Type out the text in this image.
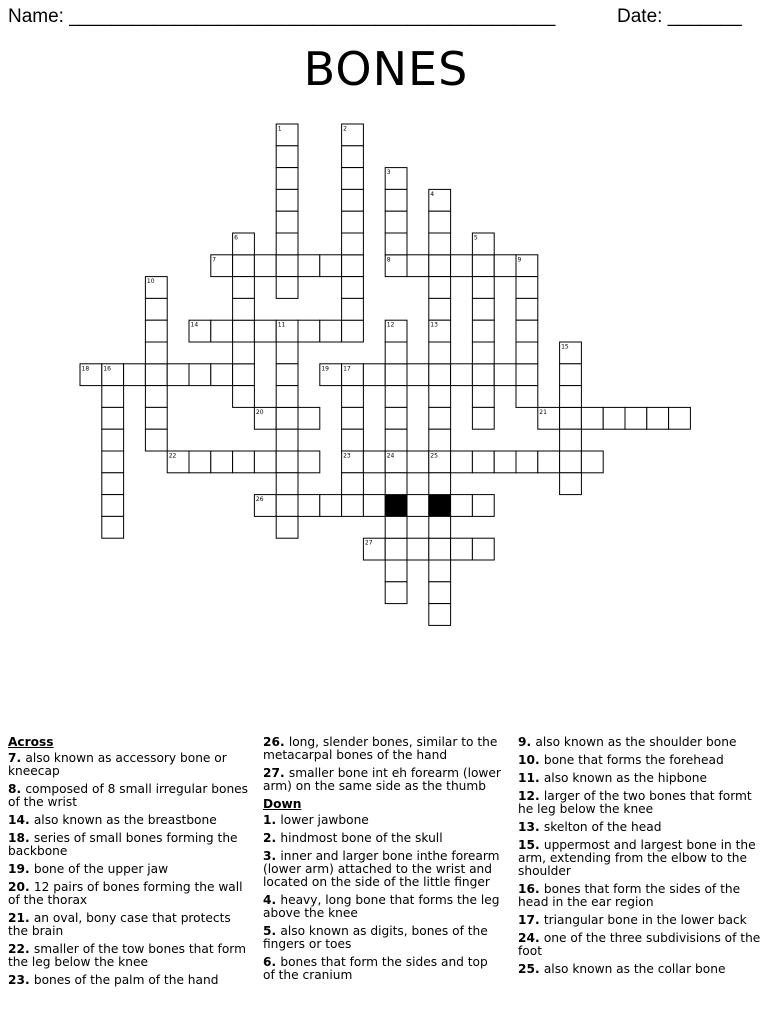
Name: ______________________________________________	Date: _______
BONES
7	8
14	11
18 16	19 17
20	21
22	23	24	25
26
27
1	2
3
4
13
5
6
9
10
12
15
Across
7. also known as accessory bone or kneecap
8. composed of 8 small irregular bones of the wrist
14. also known as the breastbone
18. series of small bones forming the backbone
19. bone of the upper jaw
20. 12 pairs of bones forming the wall of the thorax
21. an oval, bony case that protects the brain
22. smaller of the tow bones that form the leg below the knee
23. bones of the palm of the hand
26. long, slender bones, similar to the metacarpal bones of the hand
27. smaller bone int eh forearm (lower arm) on the same side as the thumb
Down
1. lower jawbone
2. hindmost bone of the skull
3. inner and larger bone inthe forearm (lower arm) attached to the wrist and located on the side of the little finger
4. heavy, long bone that forms the leg above the knee
5. also known as digits, bones of the fingers or toes
6. bones that form the sides and top of the cranium
9. also known as the shoulder bone
10. bone that forms the forehead
11. also known as the hipbone
12. larger of the two bones that formt he leg below the knee
13. skelton of the head
15. uppermost and largest bone in the arm, extending from the elbow to the shoulder
16. bones that form the sides of the head in the ear region
17. triangular bone in the lower back
24. one of the three subdivisions of the foot
25. also known as the collar bone
